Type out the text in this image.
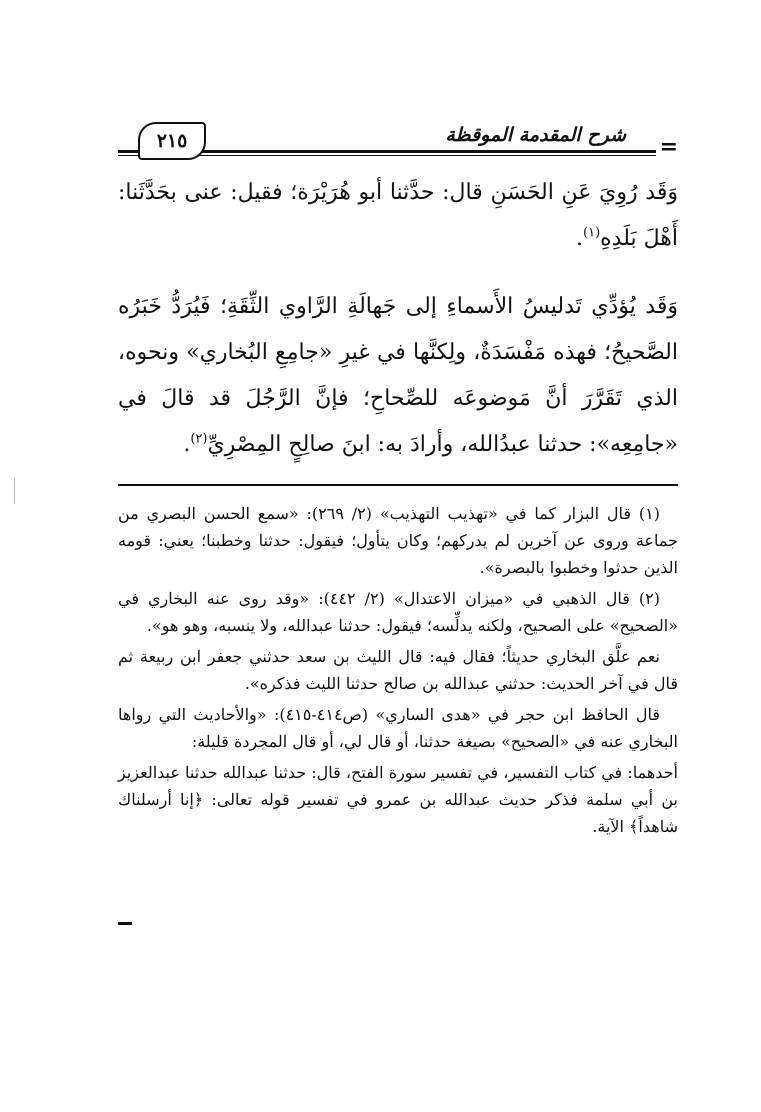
٢١٥	شرح المقدمة الموقظة	=

وَقَد رُوِيَ عَنِ الحَسَنِ قال: حدَّثنا أبو هُرَيْرَة؛ فقيل: عنى بحَدَّثَنا: أَهْلَ بَلَدِهِ$^{(١)}$.

وَقَد يُؤدِّي تَدليسُ الأَسماءِ إلى جَهالَةِ الرَّاوي الثِّقَةِ؛ فَيُرَدُّ خَبَرُه الصَّحيحُ؛ فهذه مَفْسَدَةٌ، ولِكنَّها في غيرِ «جامِعِ البُخاري» ونحوه، الذي تَقَرَّرَ أنَّ مَوضوعَه للصِّحاحِ؛ فإنَّ الرَّجُلَ قد قالَ في «جامِعِه»: حدثنا عبدُالله، وأرادَ به: ابنَ صالِحٍ المِصْرِيِّ$^{(٢)}$.

(١) قال البزار كما في «تهذيب التهذيب» (٢/ ٢٦٩): «سمع الحسن البصري من جماعة وروى عن آخرين لم يدركهم؛ وكان يتأول؛ فيقول: حدثنا وخطبنا؛ يعني: قومه الذين حدثوا وخطبوا بالبصرة».

(٢) قال الذهبي في «ميزان الاعتدال» (٢/ ٤٤٢): «وقد روى عنه البخاري في «الصحيح» على الصحيح، ولكنه يدلِّسه؛ فيقول: حدثنا عبدالله، ولا ينسبه، وهو هو».

نعم علَّق البخاري حديثاً؛ فقال فيه: قال الليث بن سعد حدثني جعفر ابن ربيعة ثم قال في آخر الحديث: حدثني عبدالله بن صالح حدثنا الليث فذكره».

قال الحافظ ابن حجر في «هدى الساري» (ص٤١٤-٤١٥): «والأحاديث التي رواها البخاري عنه في «الصحيح» بصيغة حدثنا، أو قال لي، أو قال المجردة قليلة:

أحدهما: في كتاب التفسير، في تفسير سورة الفتح، قال: حدثنا عبدالله حدثنا عبدالعزيز بن أبي سلمة فذكر حديث عبدالله بن عمرو في تفسير قوله تعالى: ﴿إنا أرسلناك شاهداً﴾ الآية.
